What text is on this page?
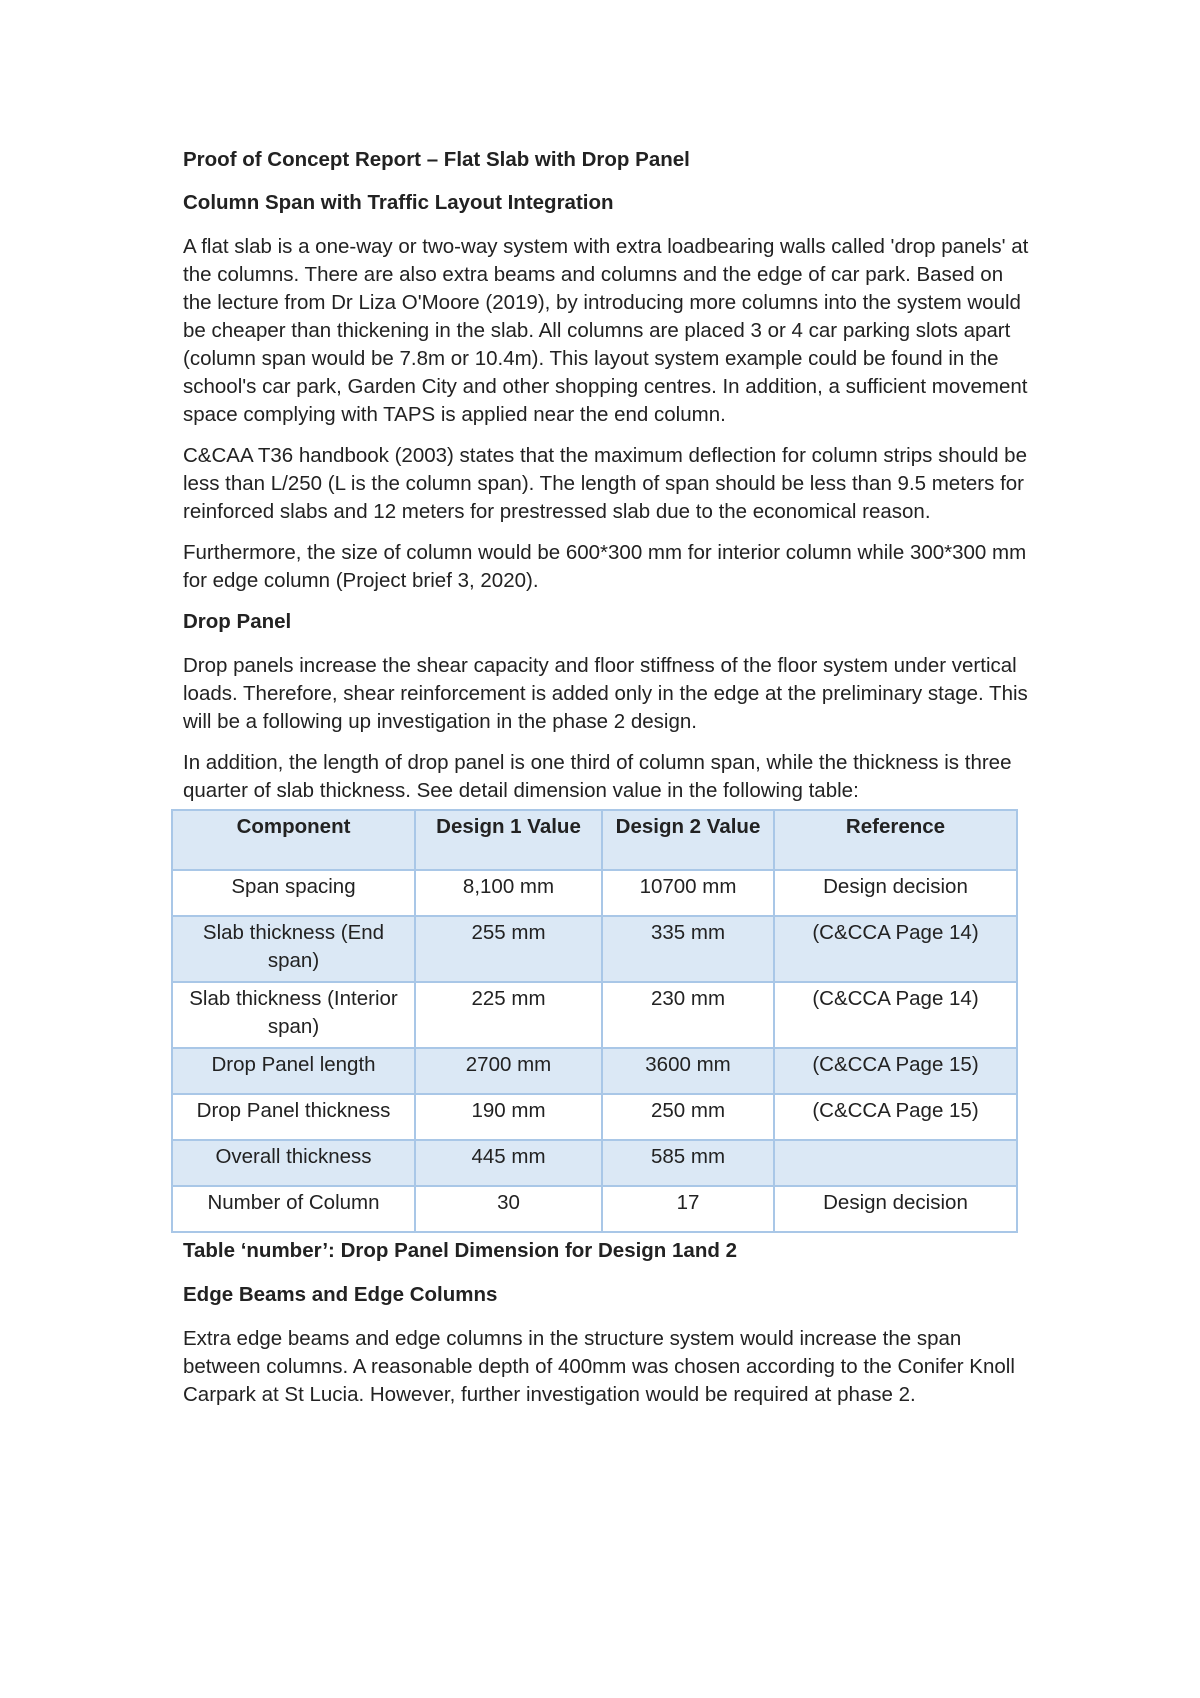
Proof of Concept Report – Flat Slab with Drop Panel
Column Span with Traffic Layout Integration

A flat slab is a one-way or two-way system with extra loadbearing walls called 'drop panels' at the columns. There are also extra beams and columns and the edge of car park. Based on the lecture from Dr Liza O'Moore (2019), by introducing more columns into the system would be cheaper than thickening in the slab. All columns are placed 3 or 4 car parking slots apart (column span would be 7.8m or 10.4m). This layout system example could be found in the school's car park, Garden City and other shopping centres. In addition, a sufficient movement space complying with TAPS is applied near the end column.

C&CAA T36 handbook (2003) states that the maximum deflection for column strips should be less than L/250 (L is the column span). The length of span should be less than 9.5 meters for reinforced slabs and 12 meters for prestressed slab due to the economical reason.

Furthermore, the size of column would be 600*300 mm for interior column while 300*300 mm for edge column (Project brief 3, 2020).

Drop Panel

Drop panels increase the shear capacity and floor stiffness of the floor system under vertical loads. Therefore, shear reinforcement is added only in the edge at the preliminary stage. This will be a following up investigation in the phase 2 design.

In addition, the length of drop panel is one third of column span, while the thickness is three quarter of slab thickness. See detail dimension value in the following table:

Component	Design 1 Value	Design 2 Value	Reference
Span spacing	8,100 mm	10700 mm	Design decision
Slab thickness (End span)	255 mm	335 mm	(C&CCA Page 14)
Slab thickness (Interior span)	225 mm	230 mm	(C&CCA Page 14)
Drop Panel length	2700 mm	3600 mm	(C&CCA Page 15)
Drop Panel thickness	190 mm	250 mm	(C&CCA Page 15)
Overall thickness	445 mm	585 mm	
Number of Column	30	17	Design decision
Table ‘number’: Drop Panel Dimension for Design 1and 2
Edge Beams and Edge Columns

Extra edge beams and edge columns in the structure system would increase the span between columns. A reasonable depth of 400mm was chosen according to the Conifer Knoll Carpark at St Lucia. However, further investigation would be required at phase 2.
